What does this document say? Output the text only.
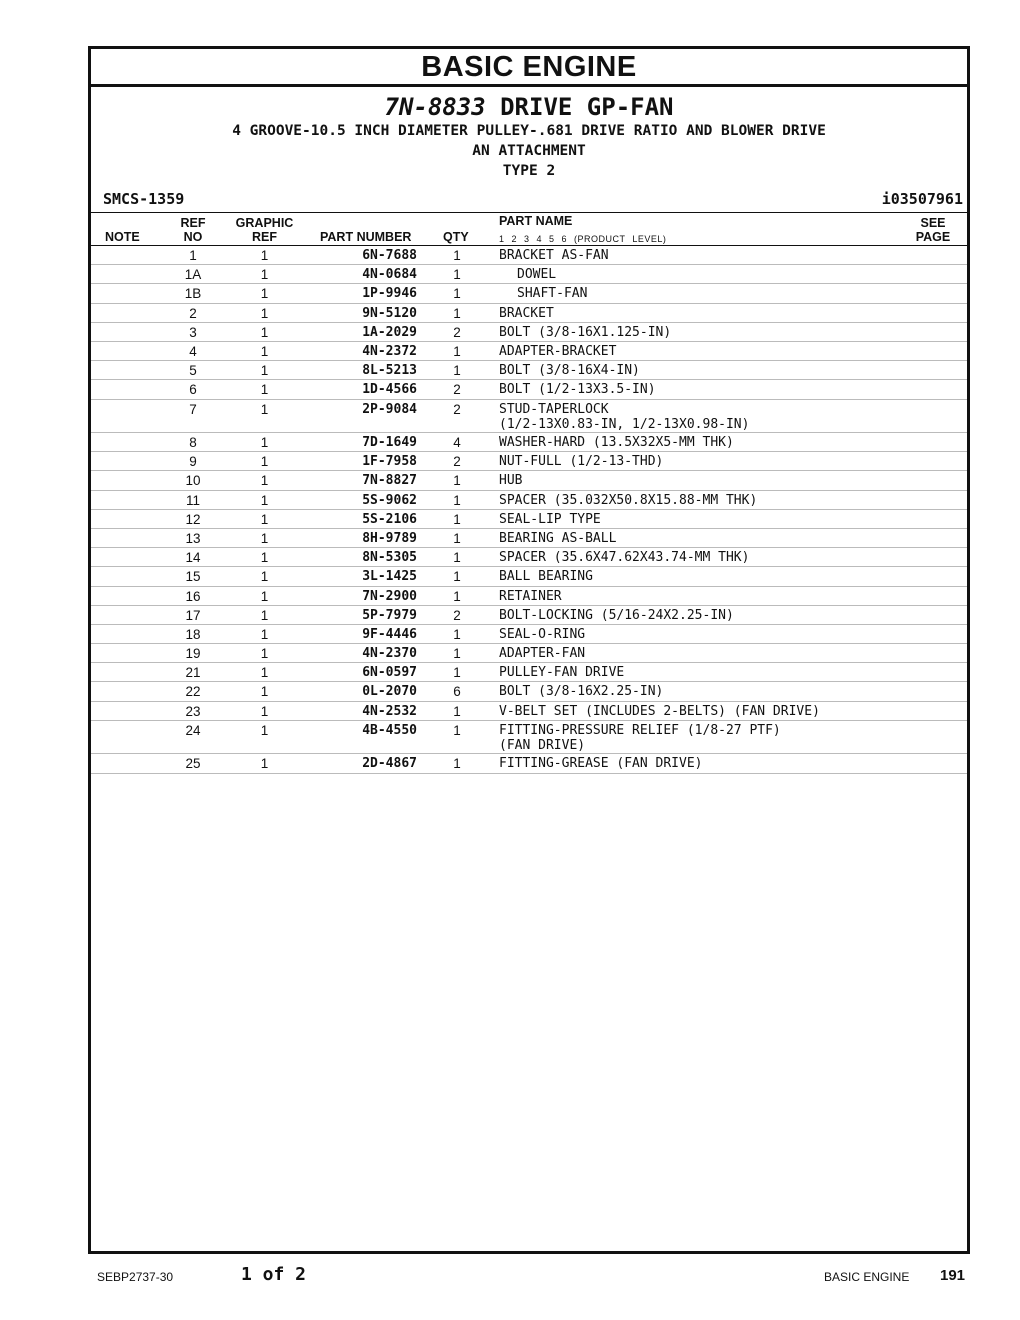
BASIC ENGINE
7N-8833 DRIVE GP-FAN
4 GROOVE-10.5 INCH DIAMETER PULLEY-.681 DRIVE RATIO AND BLOWER DRIVE
AN ATTACHMENT
TYPE 2
SMCS-1359	i03507961
NOTE
REF
NO
GRAPHIC
REF	PART NUMBER	QTY
PART NAME
1 2 3 4 5 6 (PRODUCT LEVEL)
SEE
PAGE
1	1	6N-7688	1	BRACKET AS-FAN
1A	1	4N-0684	1	DOWEL
1B	1	1P-9946	1	SHAFT-FAN
2	1	9N-5120	1	BRACKET
3	1	1A-2029	2	BOLT (3/8-16X1.125-IN)
4	1	4N-2372	1	ADAPTER-BRACKET
5	1	8L-5213	1	BOLT (3/8-16X4-IN)
6	1	1D-4566	2	BOLT (1/2-13X3.5-IN)
7	1	2P-9084	2	STUD-TAPERLOCK
(1/2-13X0.83-IN, 1/2-13X0.98-IN)
8	1	7D-1649	4	WASHER-HARD (13.5X32X5-MM THK)
9	1	1F-7958	2	NUT-FULL (1/2-13-THD)
10	1	7N-8827	1	HUB
11	1	5S-9062	1	SPACER (35.032X50.8X15.88-MM THK)
12	1	5S-2106	1	SEAL-LIP TYPE
13	1	8H-9789	1	BEARING AS-BALL
14	1	8N-5305	1	SPACER (35.6X47.62X43.74-MM THK)
15	1	3L-1425	1	BALL BEARING
16	1	7N-2900	1	RETAINER
17	1	5P-7979	2	BOLT-LOCKING (5/16-24X2.25-IN)
18	1	9F-4446	1	SEAL-O-RING
19	1	4N-2370	1	ADAPTER-FAN
21	1	6N-0597	1	PULLEY-FAN DRIVE
22	1	0L-2070	6	BOLT (3/8-16X2.25-IN)
23	1	4N-2532	1	V-BELT SET (INCLUDES 2-BELTS) (FAN DRIVE)
24	1	4B-4550	1	FITTING-PRESSURE RELIEF (1/8-27 PTF)
(FAN DRIVE)
25	1	2D-4867	1	FITTING-GREASE (FAN DRIVE)
SEBP2737-30	1 of 2	BASIC ENGINE 191
